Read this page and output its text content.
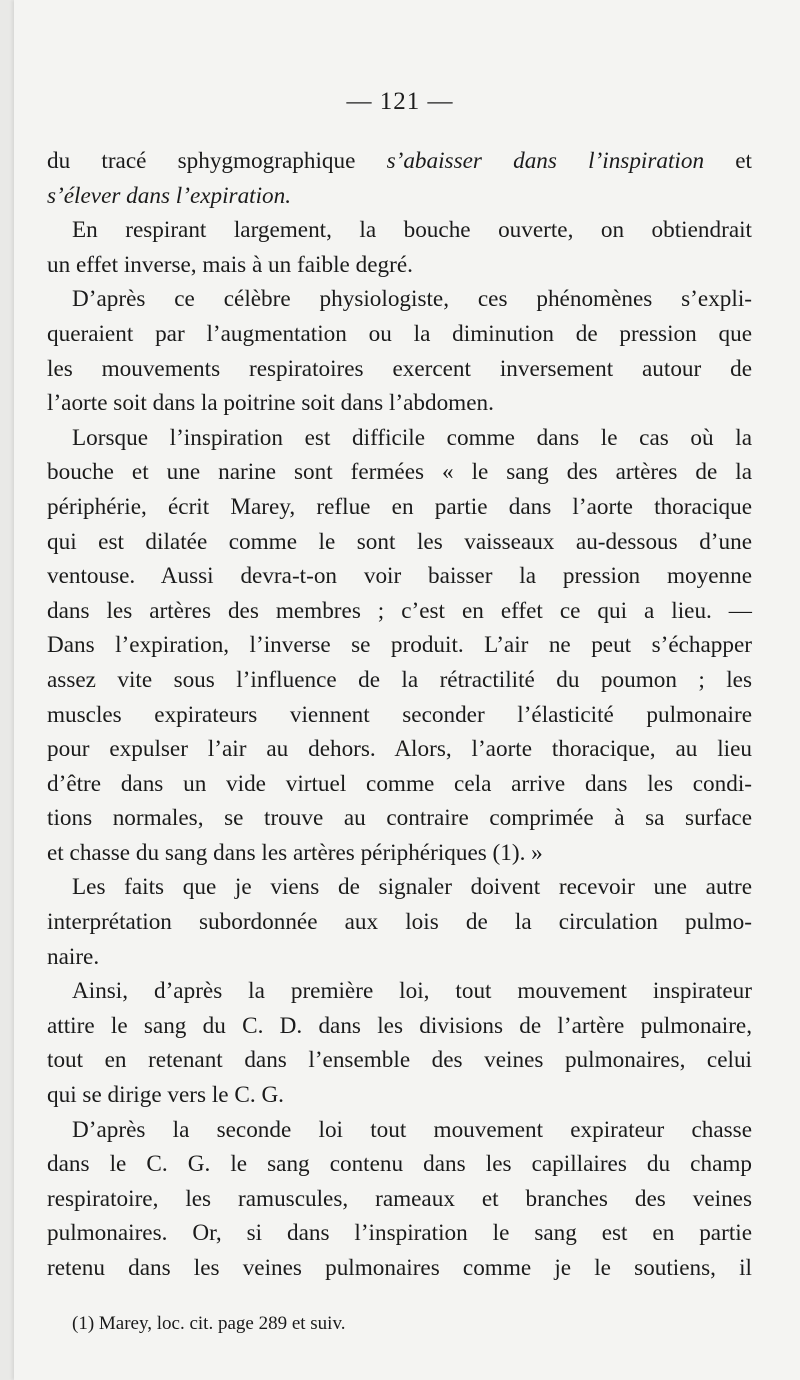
— 121 —
du tracé sphygmographique s’abaisser dans l’inspiration et
s’élever dans l’expiration.
En respirant largement, la bouche ouverte, on obtiendrait
un effet inverse, mais à un faible degré.
D’après ce célèbre physiologiste, ces phénomènes s’expli-
queraient par l’augmentation ou la diminution de pression que
les mouvements respiratoires exercent inversement autour de
l’aorte soit dans la poitrine soit dans l’abdomen.
Lorsque l’inspiration est difficile comme dans le cas où la
bouche et une narine sont fermées « le sang des artères de la
périphérie, écrit Marey, reflue en partie dans l’aorte thoracique
qui est dilatée comme le sont les vaisseaux au-dessous d’une
ventouse. Aussi devra-t-on voir baisser la pression moyenne
dans les artères des membres ; c’est en effet ce qui a lieu. —
Dans l’expiration, l’inverse se produit. L’air ne peut s’échapper
assez vite sous l’influence de la rétractilité du poumon ; les
muscles expirateurs viennent seconder l’élasticité pulmonaire
pour expulser l’air au dehors. Alors, l’aorte thoracique, au lieu
d’être dans un vide virtuel comme cela arrive dans les condi-
tions normales, se trouve au contraire comprimée à sa surface
et chasse du sang dans les artères périphériques (1). »
Les faits que je viens de signaler doivent recevoir une autre
interprétation subordonnée aux lois de la circulation pulmo-
naire.
Ainsi, d’après la première loi, tout mouvement inspirateur
attire le sang du C. D. dans les divisions de l’artère pulmonaire,
tout en retenant dans l’ensemble des veines pulmonaires, celui
qui se dirige vers le C. G.
D’après la seconde loi tout mouvement expirateur chasse
dans le C. G. le sang contenu dans les capillaires du champ
respiratoire, les ramuscules, rameaux et branches des veines
pulmonaires. Or, si dans l’inspiration le sang est en partie
retenu dans les veines pulmonaires comme je le soutiens, il
(1) Marey, loc. cit. page 289 et suiv.
